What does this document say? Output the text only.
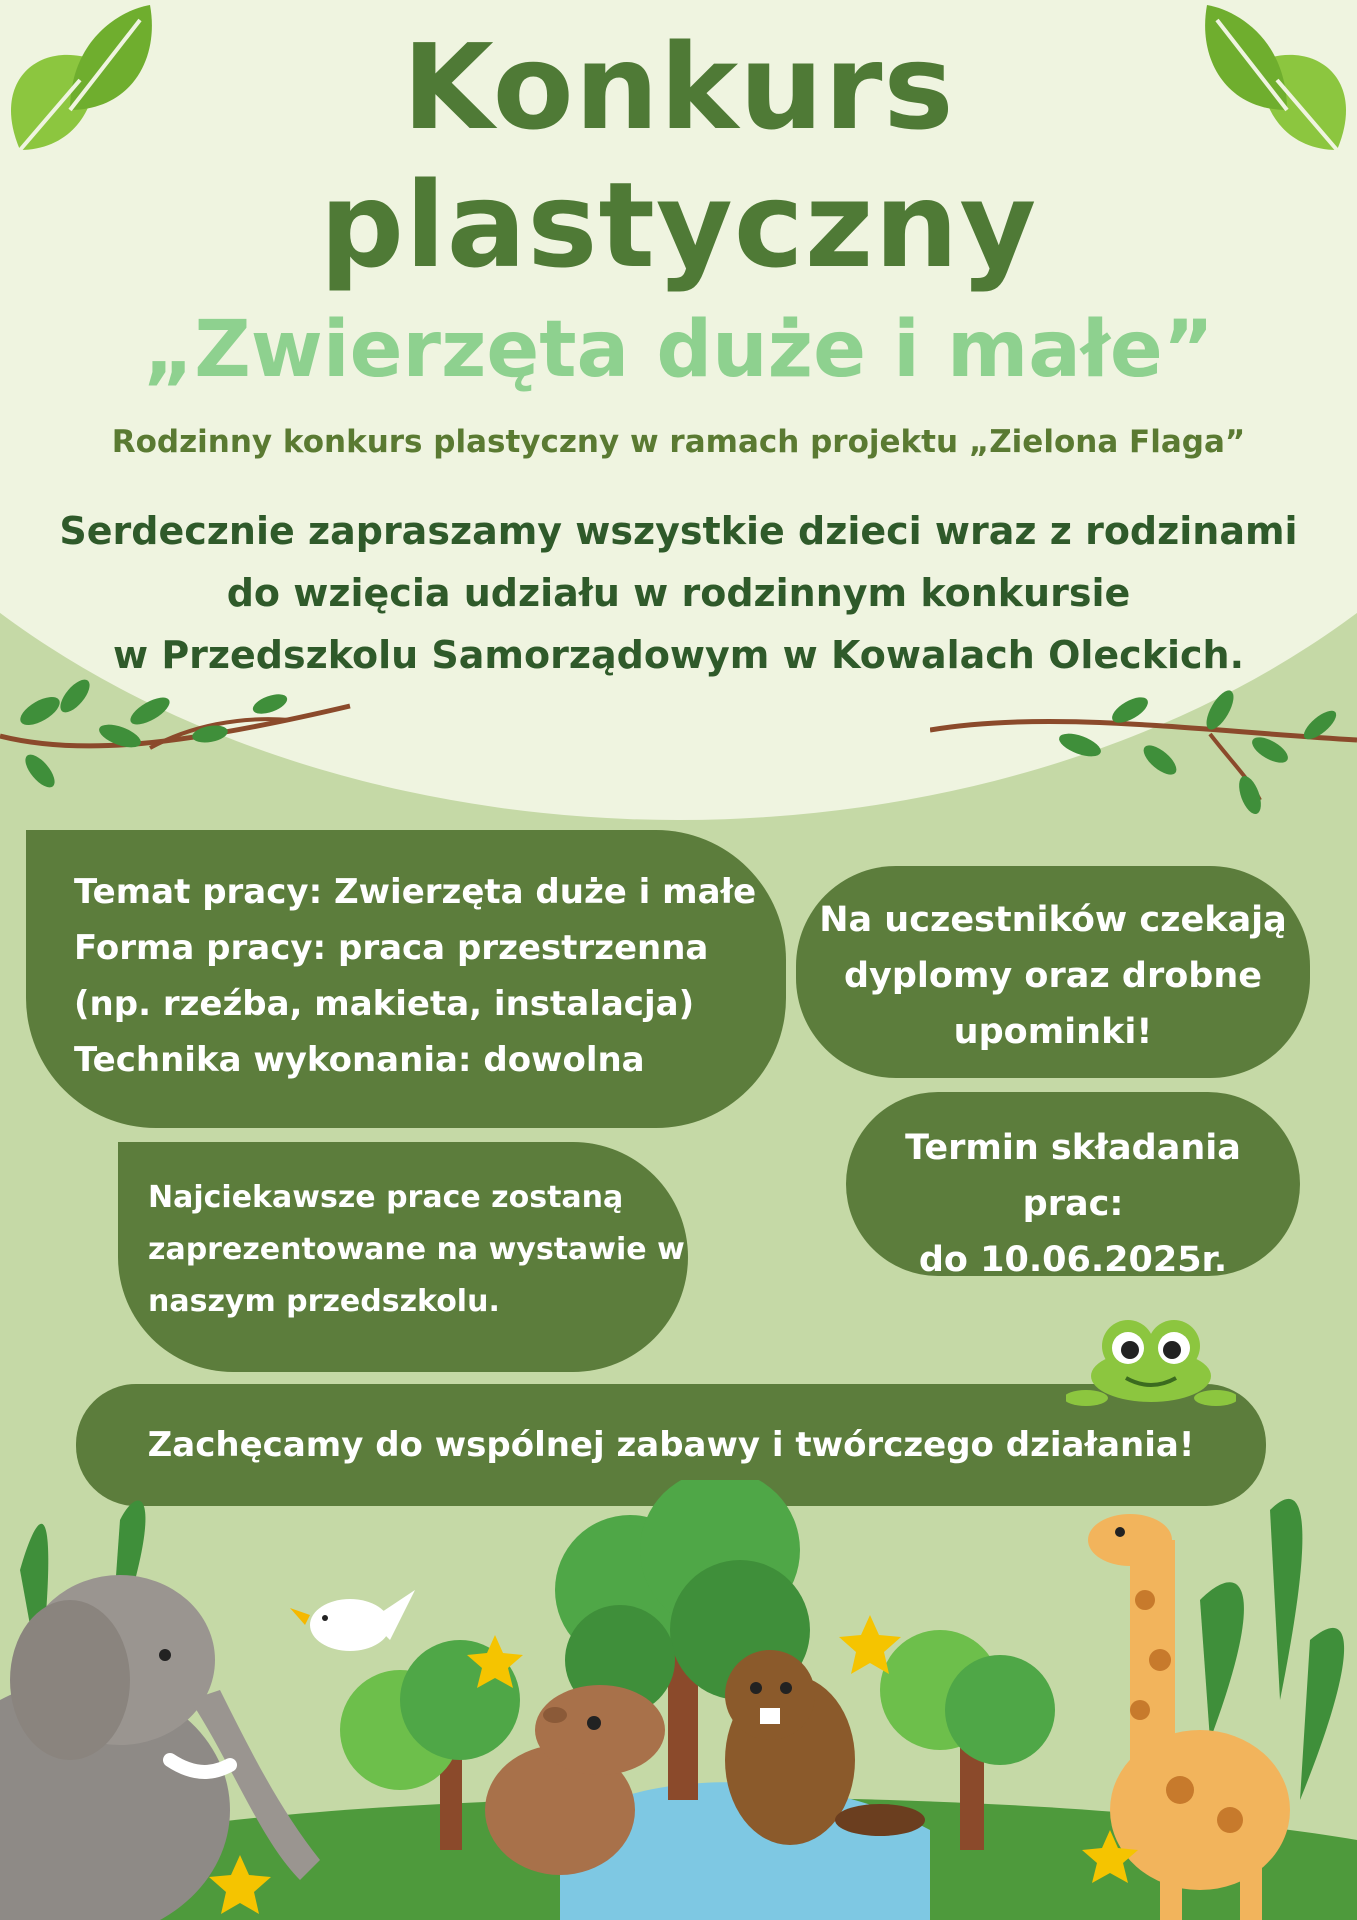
Konkurs
plastyczny
„Zwierzęta duże i małe”

Rodzinny konkurs plastyczny w ramach projektu „Zielona Flaga”

Serdecznie zapraszamy wszystkie dzieci wraz z rodzinami
do wzięcia udziału w rodzinnym konkursie
w Przedszkolu Samorządowym w Kowalach Oleckich.
Temat pracy: Zwierzęta duże i małe
Forma pracy: praca przestrzenna
(np. rzeźba, makieta, instalacja)
Technika wykonania: dowolna
Na uczestników czekają
dyplomy oraz drobne
upominki!
Najciekawsze prace zostaną
zaprezentowane na wystawie w
naszym przedszkolu.
Termin składania prac:
do 10.06.2025r.
Zachęcamy do wspólnej zabawy i twórczego działania!
